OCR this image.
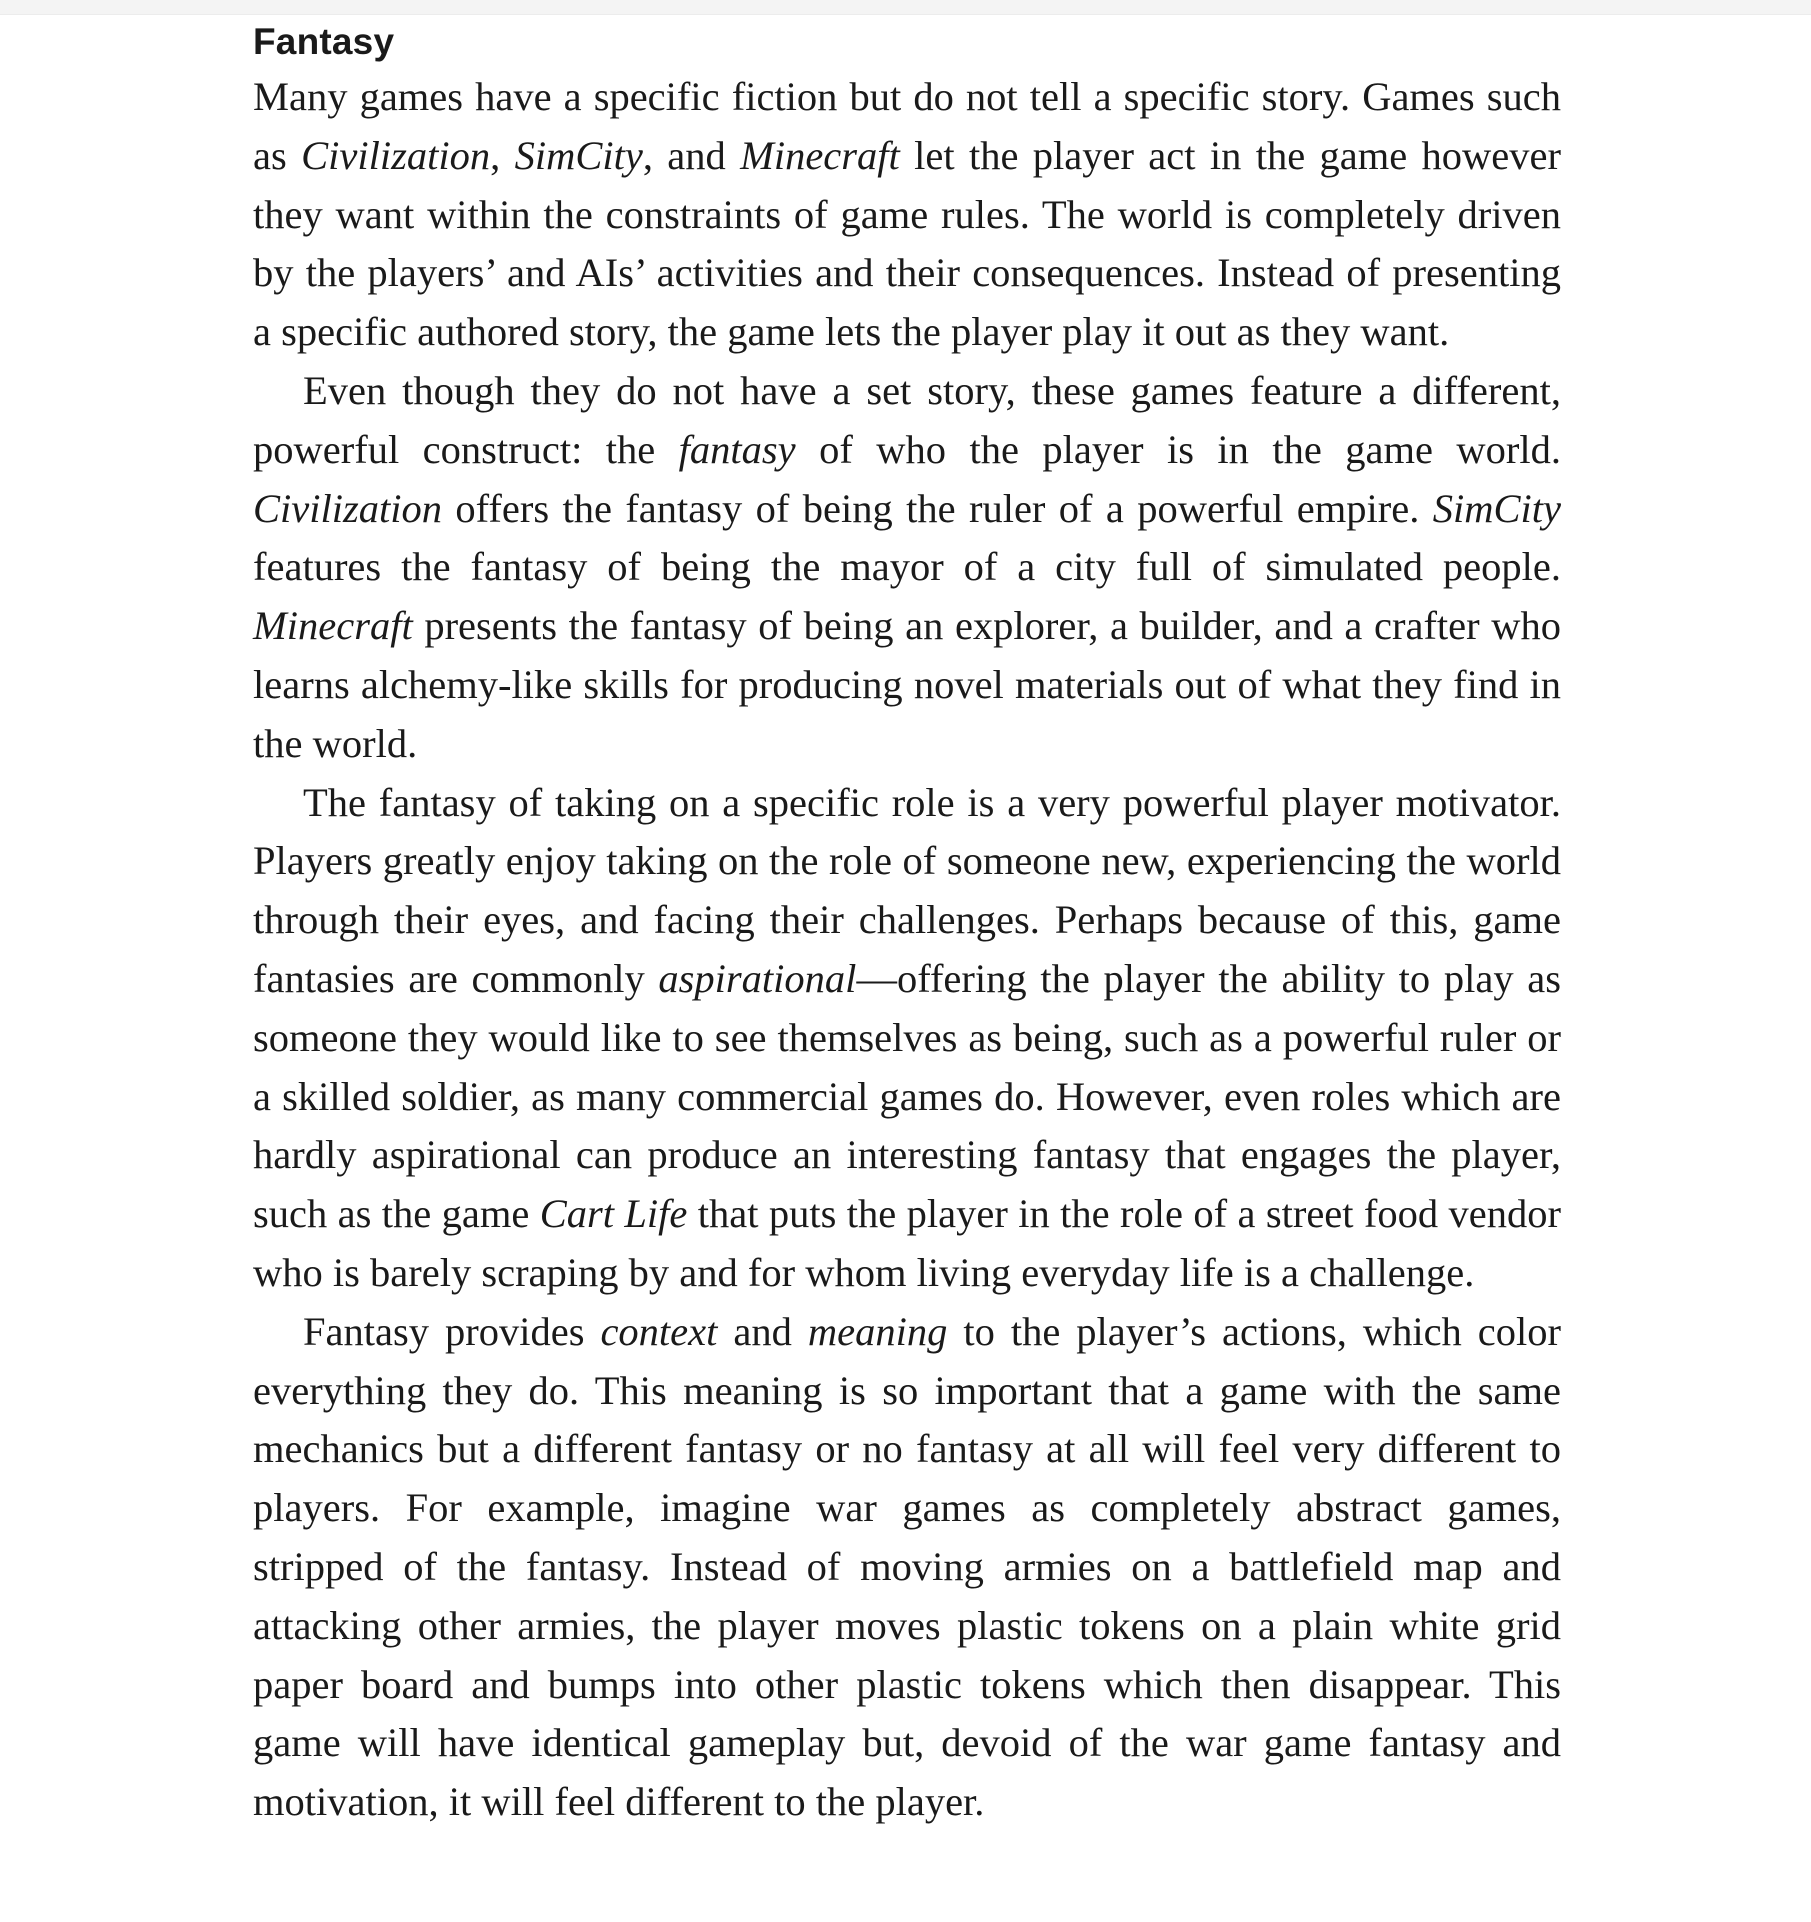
Fantasy

Many games have a specific fiction but do not tell a specific story. Games such as Civilization, SimCity, and Minecraft let the player act in the game however they want within the constraints of game rules. The world is completely driven by the players’ and AIs’ activities and their consequences. Instead of presenting a specific authored story, the game lets the player play it out as they want.

Even though they do not have a set story, these games feature a different, powerful construct: the fantasy of who the player is in the game world. Civilization offers the fantasy of being the ruler of a powerful empire. SimCity features the fantasy of being the mayor of a city full of simulated people. Minecraft presents the fantasy of being an explorer, a builder, and a crafter who learns alchemy-like skills for producing novel materials out of what they find in the world.

The fantasy of taking on a specific role is a very powerful player motivator. Players greatly enjoy taking on the role of someone new, experiencing the world through their eyes, and facing their challenges. Perhaps because of this, game fantasies are commonly aspirational—offering the player the ability to play as someone they would like to see themselves as being, such as a powerful ruler or a skilled soldier, as many commercial games do. However, even roles which are hardly aspirational can produce an interesting fantasy that engages the player, such as the game Cart Life that puts the player in the role of a street food vendor who is barely scraping by and for whom living everyday life is a challenge.

Fantasy provides context and meaning to the player’s actions, which color everything they do. This meaning is so important that a game with the same mechanics but a different fantasy or no fantasy at all will feel very different to players. For example, imagine war games as completely abstract games, stripped of the fantasy. Instead of moving armies on a battlefield map and attacking other armies, the player moves plastic tokens on a plain white grid paper board and bumps into other plastic tokens which then disappear. This game will have identical gameplay but, devoid of the war game fantasy and motivation, it will feel different to the player.
